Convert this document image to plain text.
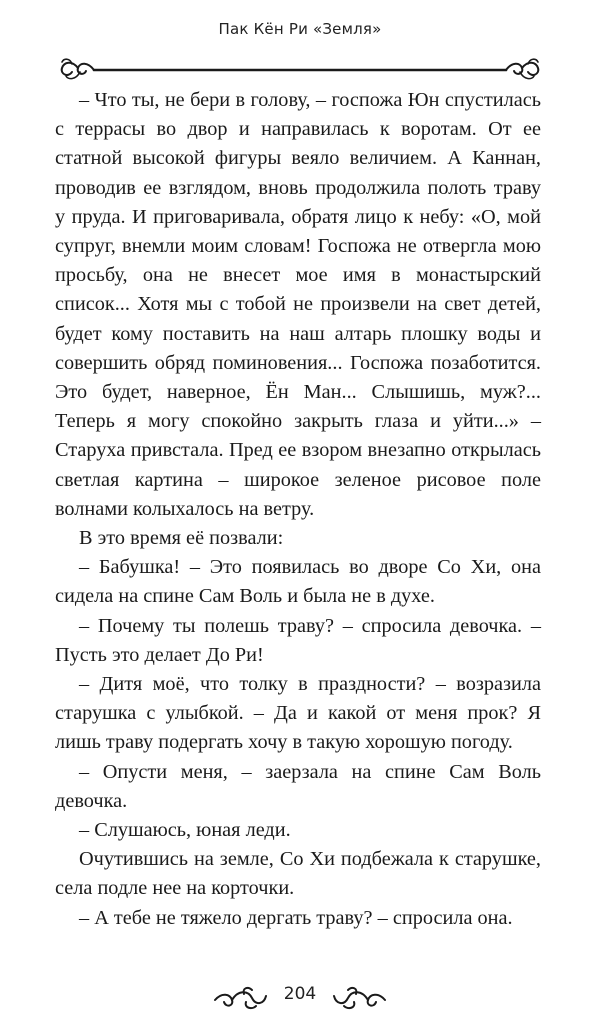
Пак Кён Ри «Земля»

– Что ты, не бери в голову, – госпожа Юн спустилась с террасы во двор и направилась к воротам. От ее статной высокой фигуры веяло величием. А Каннан, проводив ее взглядом, вновь продолжила полоть траву у пруда. И приговаривала, обратя лицо к небу: «О, мой супруг, внемли моим словам! Госпожа не отвергла мою просьбу, она не внесет мое имя в монастырский список... Хотя мы с тобой не произвели на свет детей, будет кому поставить на наш алтарь плошку воды и совершить обряд поминовения... Госпожа позаботится. Это будет, наверное, Ён Ман... Слышишь, муж?... Теперь я могу спокойно закрыть глаза и уйти...» – Старуха привстала. Пред ее взором внезапно открылась светлая картина – широкое зеленое рисовое поле волнами колыхалось на ветру.

В это время её позвали:

– Бабушка! – Это появилась во дворе Со Хи, она сидела на спине Сам Воль и была не в духе.

– Почему ты полешь траву? – спросила девочка. – Пусть это делает До Ри!

– Дитя моё, что толку в праздности? – возразила старушка с улыбкой. – Да и какой от меня прок? Я лишь траву подергать хочу в такую хорошую погоду.

– Опусти меня, – заерзала на спине Сам Воль девочка.

– Слушаюсь, юная леди.

Очутившись на земле, Со Хи подбежала к старушке, села подле нее на корточки.

– А тебе не тяжело дергать траву? – спросила она.

204
